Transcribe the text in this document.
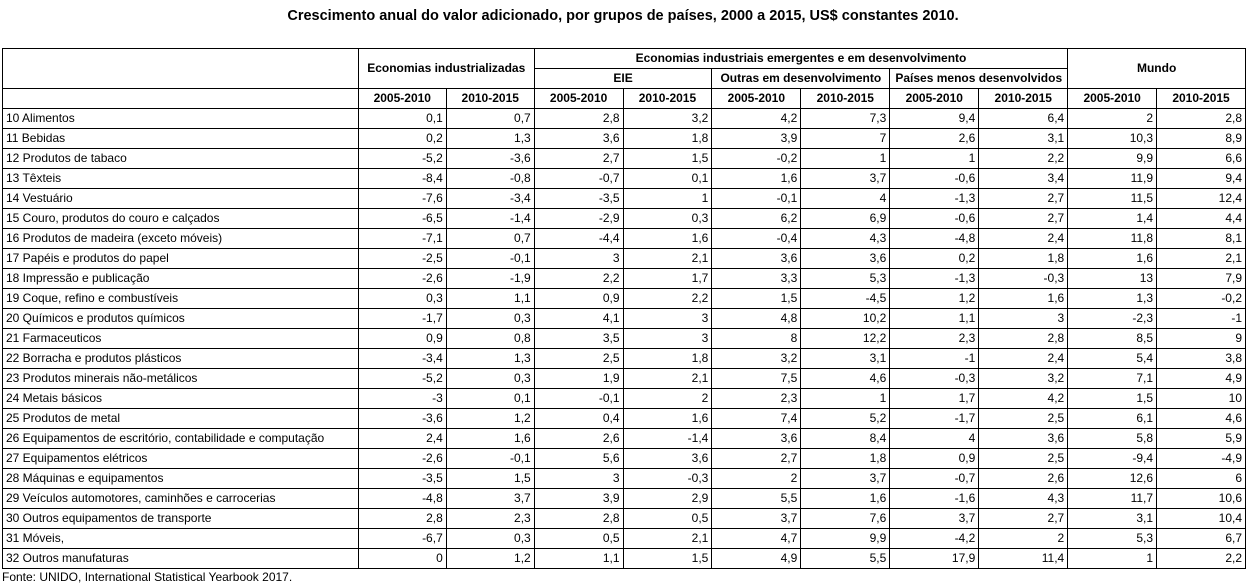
Crescimento anual do valor adicionado, por grupos de países, 2000 a 2015, US$ constantes 2010.
	Economias industrializadas		Economias industriais emergentes e em desenvolvimento						Mundo	
			EIE		Outras em desenvolvimento		Países menos desenvolvidos			
	2005-2010	2010-2015	2005-2010	2010-2015	2005-2010	2010-2015	2005-2010	2010-2015	2005-2010	2010-2015
10 Alimentos	0,1	0,7	2,8	3,2	4,2	7,3	9,4	6,4	2	2,8
11 Bebidas	0,2	1,3	3,6	1,8	3,9	7	2,6	3,1	10,3	8,9
12 Produtos de tabaco	-5,2	-3,6	2,7	1,5	-0,2	1	1	2,2	9,9	6,6
13 Têxteis	-8,4	-0,8	-0,7	0,1	1,6	3,7	-0,6	3,4	11,9	9,4
14 Vestuário	-7,6	-3,4	-3,5	1	-0,1	4	-1,3	2,7	11,5	12,4
15 Couro, produtos do couro e calçados	-6,5	-1,4	-2,9	0,3	6,2	6,9	-0,6	2,7	1,4	4,4
16 Produtos de madeira (exceto móveis)	-7,1	0,7	-4,4	1,6	-0,4	4,3	-4,8	2,4	11,8	8,1
17 Papéis e produtos do papel	-2,5	-0,1	3	2,1	3,6	3,6	0,2	1,8	1,6	2,1
18 Impressão e publicação	-2,6	-1,9	2,2	1,7	3,3	5,3	-1,3	-0,3	13	7,9
19 Coque, refino e combustíveis	0,3	1,1	0,9	2,2	1,5	-4,5	1,2	1,6	1,3	-0,2
20 Químicos e produtos químicos	-1,7	0,3	4,1	3	4,8	10,2	1,1	3	-2,3	-1
21 Farmaceuticos	0,9	0,8	3,5	3	8	12,2	2,3	2,8	8,5	9
22 Borracha e produtos plásticos	-3,4	1,3	2,5	1,8	3,2	3,1	-1	2,4	5,4	3,8
23 Produtos minerais não-metálicos	-5,2	0,3	1,9	2,1	7,5	4,6	-0,3	3,2	7,1	4,9
24 Metais básicos	-3	0,1	-0,1	2	2,3	1	1,7	4,2	1,5	10
25 Produtos de metal	-3,6	1,2	0,4	1,6	7,4	5,2	-1,7	2,5	6,1	4,6
26 Equipamentos de escritório, contabilidade e computação	2,4	1,6	2,6	-1,4	3,6	8,4	4	3,6	5,8	5,9
27 Equipamentos elétricos	-2,6	-0,1	5,6	3,6	2,7	1,8	0,9	2,5	-9,4	-4,9
28 Máquinas e equipamentos	-3,5	1,5	3	-0,3	2	3,7	-0,7	2,6	12,6	6
29 Veículos automotores, caminhões e carrocerias	-4,8	3,7	3,9	2,9	5,5	1,6	-1,6	4,3	11,7	10,6
30 Outros equipamentos de transporte	2,8	2,3	2,8	0,5	3,7	7,6	3,7	2,7	3,1	10,4
31 Móveis,	-6,7	0,3	0,5	2,1	4,7	9,9	-4,2	2	5,3	6,7
32 Outros manufaturas	0	1,2	1,1	1,5	4,9	5,5	17,9	11,4	1	2,2
Fonte: UNIDO, International Statistical Yearbook 2017.
